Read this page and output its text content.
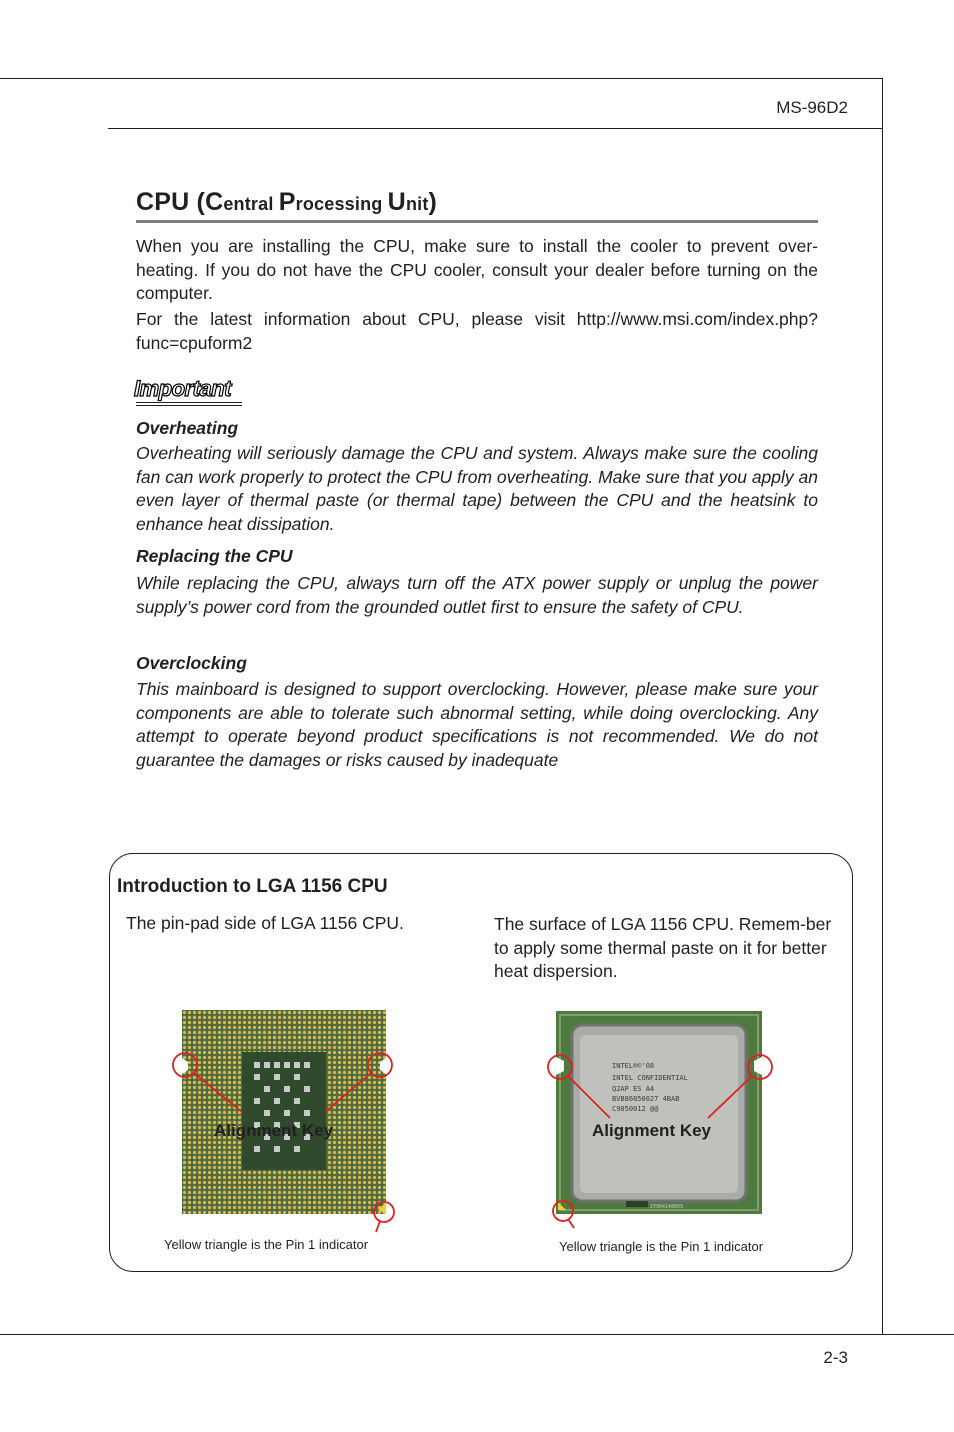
MS-96D2
CPU (Central Processing Unit)
When you are installing the CPU, make sure to install the cooler to prevent over-heating. If you do not have the CPU cooler, consult your dealer before turning on the computer.
For the latest information about CPU, please visit http://www.msi.com/index.php?func=cpuform2
Important
Overheating
Overheating will seriously damage the CPU and system. Always make sure the cooling fan can work properly to protect the CPU from overheating. Make sure that you apply an even layer of thermal paste (or thermal tape) between the CPU and the heatsink to enhance heat dissipation.
Replacing the CPU
While replacing the CPU, always turn off the ATX power supply or unplug the power supply’s power cord from the grounded outlet first to ensure the safety of CPU.
Overclocking
This mainboard is designed to support overclocking. However, please make sure your components are able to tolerate such abnormal setting, while doing overclocking. Any attempt to operate beyond product specifications is not recommended. We do not guarantee the damages or risks caused by inadequate
Introduction to LGA 1156 CPU
The pin-pad side of LGA 1156 CPU.	The surface of LGA 1156 CPU. Remem-ber to apply some thermal paste on it for better heat dispersion.
INTEL®©'08
INTEL CONFIDENTIAL
Q2AP ES A4
BVB86050027 4BAB
C9050012 @@
2Y904148055
Alignment Key	Alignment Key
Yellow triangle is the Pin 1 indicator	Yellow triangle is the Pin 1 indicator
2-3
